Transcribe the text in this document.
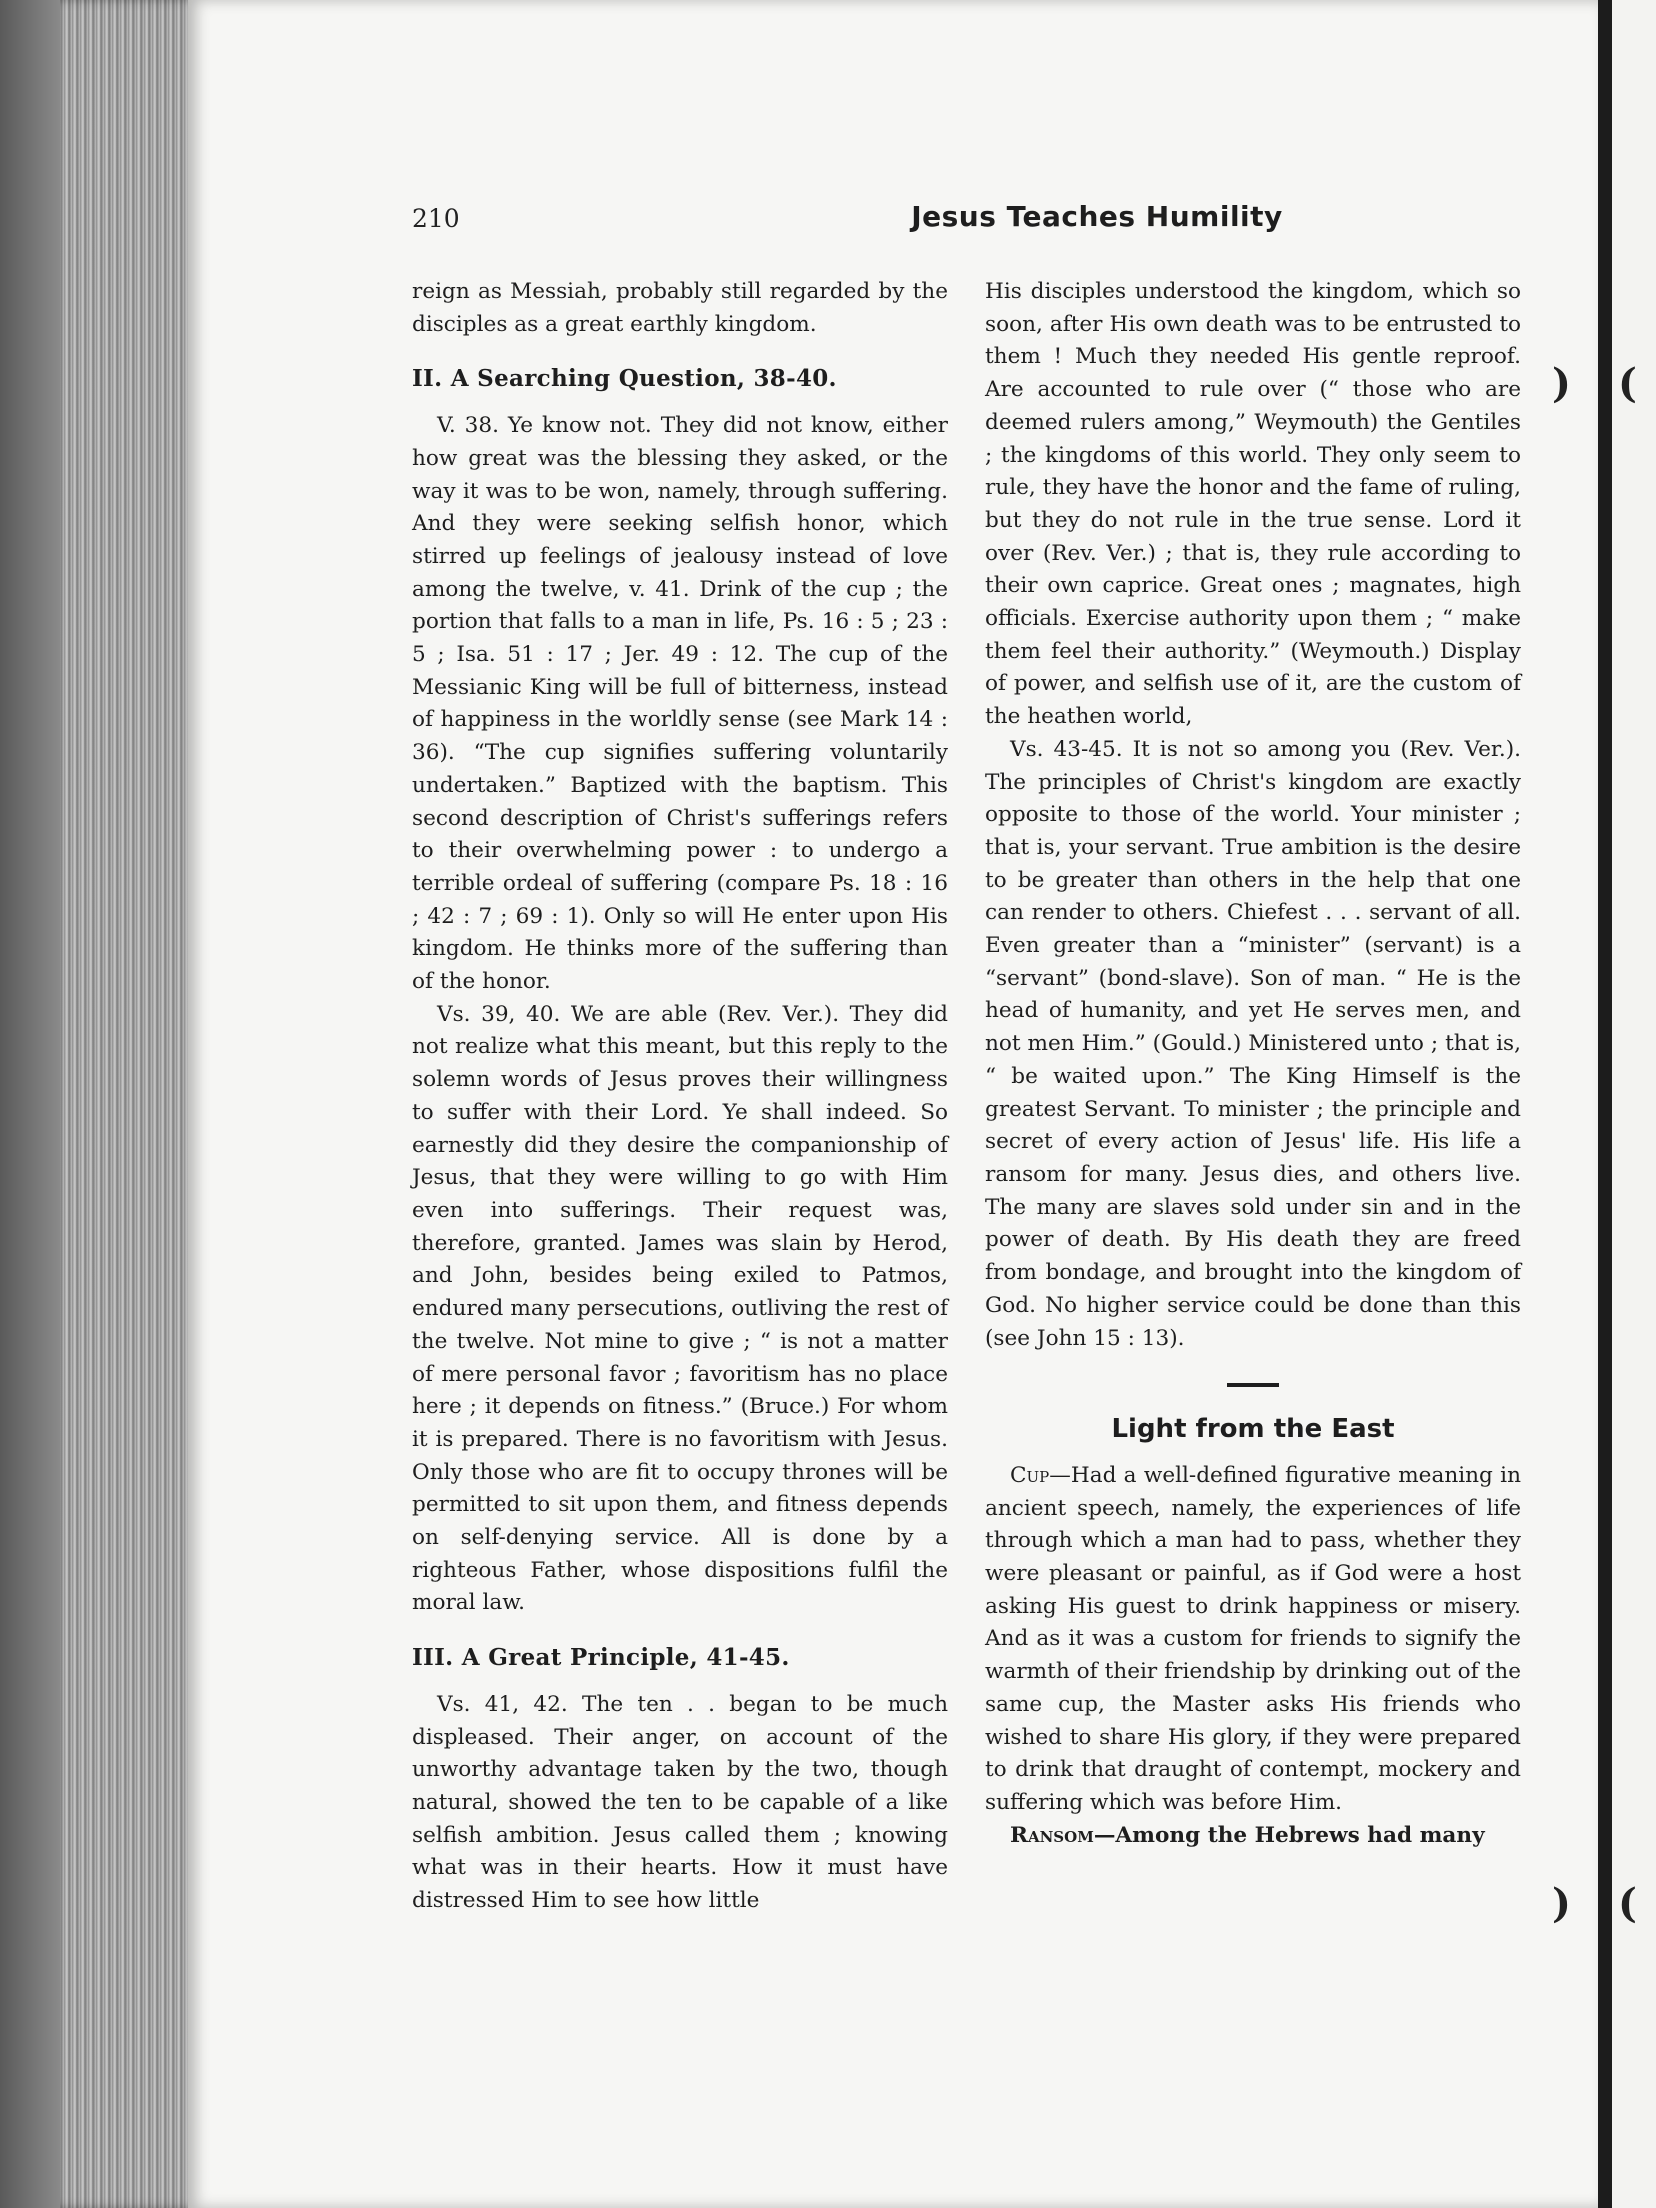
(
(
)
)
210	Jesus Teaches Humility

reign as Messiah, probably still regarded by the disciples as a great earthly kingdom.

II. A Searching Question, 38-40.

V. 38. Ye know not. They did not know, either how great was the blessing they asked, or the way it was to be won, namely, through suffering. And they were seeking selfish honor, which stirred up feelings of jealousy instead of love among the twelve, v. 41. Drink of the cup ; the portion that falls to a man in life, Ps. 16 : 5 ; 23 : 5 ; Isa. 51 : 17 ; Jer. 49 : 12. The cup of the Messianic King will be full of bitterness, instead of happiness in the worldly sense (see Mark 14 : 36). “The cup signifies suffering voluntarily undertaken.” Baptized with the baptism. This second description of Christ's sufferings refers to their overwhelming power : to undergo a terrible ordeal of suffering (compare Ps. 18 : 16 ; 42 : 7 ; 69 : 1). Only so will He enter upon His kingdom. He thinks more of the suffering than of the honor.

Vs. 39, 40. We are able (Rev. Ver.). They did not realize what this meant, but this reply to the solemn words of Jesus proves their willingness to suffer with their Lord. Ye shall indeed. So earnestly did they desire the companionship of Jesus, that they were willing to go with Him even into sufferings. Their request was, therefore, granted. James was slain by Herod, and John, besides being exiled to Patmos, endured many persecutions, outliving the rest of the twelve. Not mine to give ; “ is not a matter of mere personal favor ; favoritism has no place here ; it depends on fitness.” (Bruce.) For whom it is prepared. There is no favoritism with Jesus. Only those who are fit to occupy thrones will be permitted to sit upon them, and fitness depends on self-denying service. All is done by a righteous Father, whose dispositions fulfil the moral law.

III. A Great Principle, 41-45.

Vs. 41, 42. The ten . . began to be much displeased. Their anger, on account of the unworthy advantage taken by the two, though natural, showed the ten to be capable of a like selfish ambition. Jesus called them ; knowing what was in their hearts. How it must have distressed Him to see how little

His disciples understood the kingdom, which so soon, after His own death was to be entrusted to them ! Much they needed His gentle reproof. Are accounted to rule over (“ those who are deemed rulers among,” Weymouth) the Gentiles ; the kingdoms of this world. They only seem to rule, they have the honor and the fame of ruling, but they do not rule in the true sense. Lord it over (Rev. Ver.) ; that is, they rule according to their own caprice. Great ones ; magnates, high officials. Exercise authority upon them ; “ make them feel their authority.” (Weymouth.) Display of power, and selfish use of it, are the custom of the heathen world,

Vs. 43-45. It is not so among you (Rev. Ver.). The principles of Christ's kingdom are exactly opposite to those of the world. Your minister ; that is, your servant. True ambition is the desire to be greater than others in the help that one can render to others. Chiefest . . . servant of all. Even greater than a “minister” (servant) is a “servant” (bond-slave). Son of man. “ He is the head of humanity, and yet He serves men, and not men Him.” (Gould.) Ministered unto ; that is, “ be waited upon.” The King Himself is the greatest Servant. To minister ; the principle and secret of every action of Jesus' life. His life a ransom for many. Jesus dies, and others live. The many are slaves sold under sin and in the power of death. By His death they are freed from bondage, and brought into the kingdom of God. No higher service could be done than this (see John 15 : 13).

Light from the East

Cup—Had a well-defined figurative meaning in ancient speech, namely, the experiences of life through which a man had to pass, whether they were pleasant or painful, as if God were a host asking His guest to drink happiness or misery. And as it was a custom for friends to signify the warmth of their friendship by drinking out of the same cup, the Master asks His friends who wished to share His glory, if they were prepared to drink that draught of contempt, mockery and suffering which was before Him.

Ransom—Among the Hebrews had many
